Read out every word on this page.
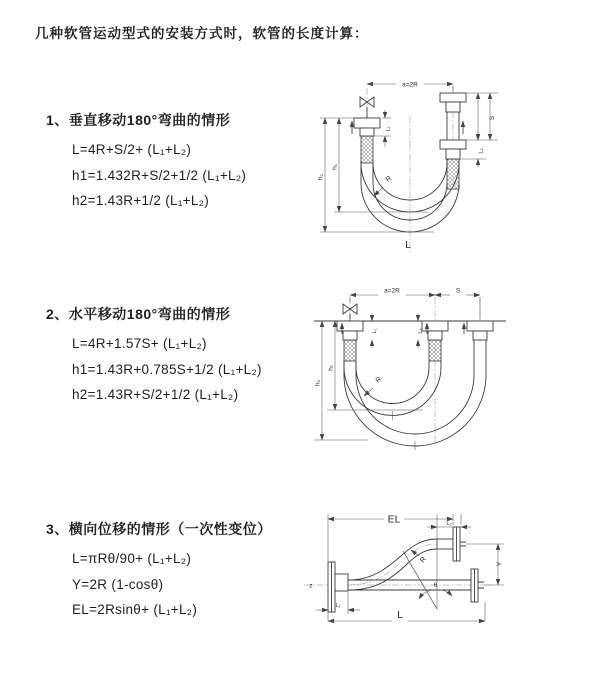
几种软管运动型式的安装方式时，软管的长度计算：
1、垂直移动180°弯曲的情形
L=4R+S/2+ (L₁+L₂)
h1=1.432R+S/2+1/2 (L₁+L₂)
h2=1.43R+1/2 (L₁+L₂)
2、水平移动180°弯曲的情形
L=4R+1.57S+ (L₁+L₂)
h1=1.43R+0.785S+1/2 (L₁+L₂)
h2=1.43R+S/2+1/2 (L₁+L₂)
3、横向位移的情形（一次性变位）
L=πRθ/90+ (L₁+L₂)
Y=2R (1-cosθ)
EL=2Rsinθ+ (L₁+L₂)
a=2R
h₁
h₂
L₁
S
L₂
R
L
a=2R	S
h₁
h₂
L₁	L₂
R
θ
EL	L₂
Y
L
L₁
R
z
